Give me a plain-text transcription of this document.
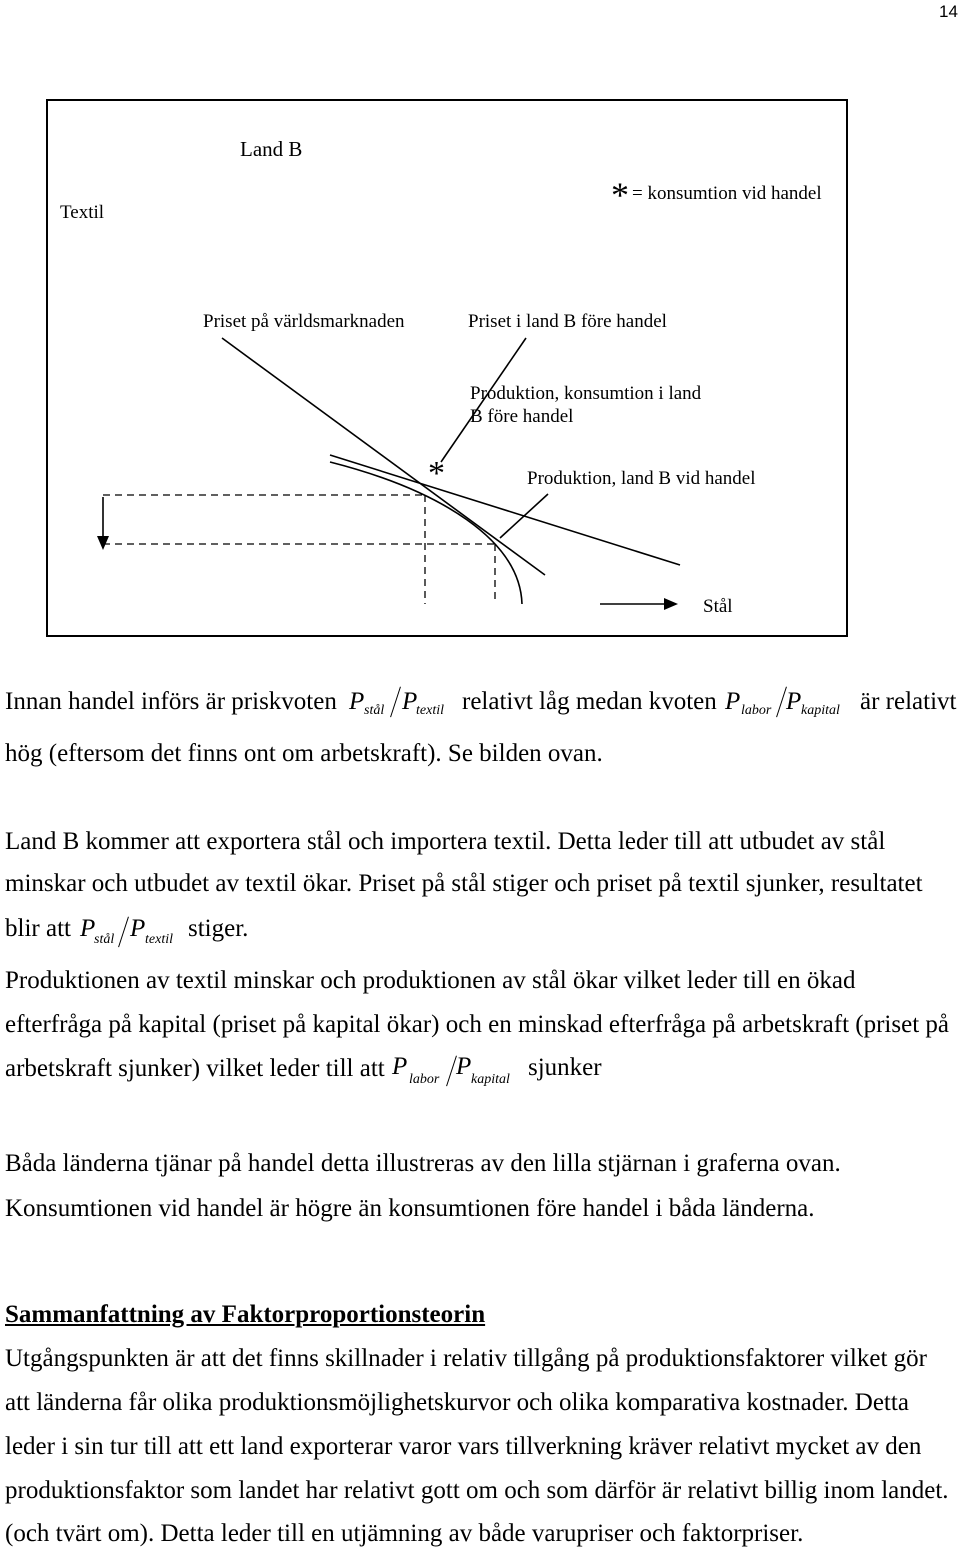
14
Land B
Textil	* = konsumtion vid handel
Priset på världsmarknaden	Priset i land B före handel
Produktion, konsumtion i land
B före handel
Produktion, land B vid handel
*
Stål
Innan handel införs är priskvoten P stål P
textil relativt låg medan kvoten P labor P kapital är relativt
hög (eftersom det finns ont om arbetskraft). Se bilden ovan.
Land B kommer att exportera stål och importera textil. Detta leder till att utbudet av stål
minskar och utbudet av textil ökar. Priset på stål stiger och priset på textil sjunker, resultatet
blir att P
stål P textil stiger.
Produktionen av textil minskar och produktionen av stål ökar vilket leder till en ökad
efterfråga på kapital (priset på kapital ökar) och en minskad efterfråga på arbetskraft (priset på
arbetskraft sjunker) vilket leder till att P labor P kapital sjunker
Båda länderna tjänar på handel detta illustreras av den lilla stjärnan i graferna ovan.
Konsumtionen vid handel är högre än konsumtionen före handel i båda länderna.
Sammanfattning av Faktorproportionsteorin
Utgångspunkten är att det finns skillnader i relativ tillgång på produktionsfaktorer vilket gör
att länderna får olika produktionsmöjlighetskurvor och olika komparativa kostnader. Detta
leder i sin tur till att ett land exporterar varor vars tillverkning kräver relativt mycket av den
produktionsfaktor som landet har relativt gott om och som därför är relativt billig inom landet.
(och tvärt om). Detta leder till en utjämning av både varupriser och faktorpriser.
